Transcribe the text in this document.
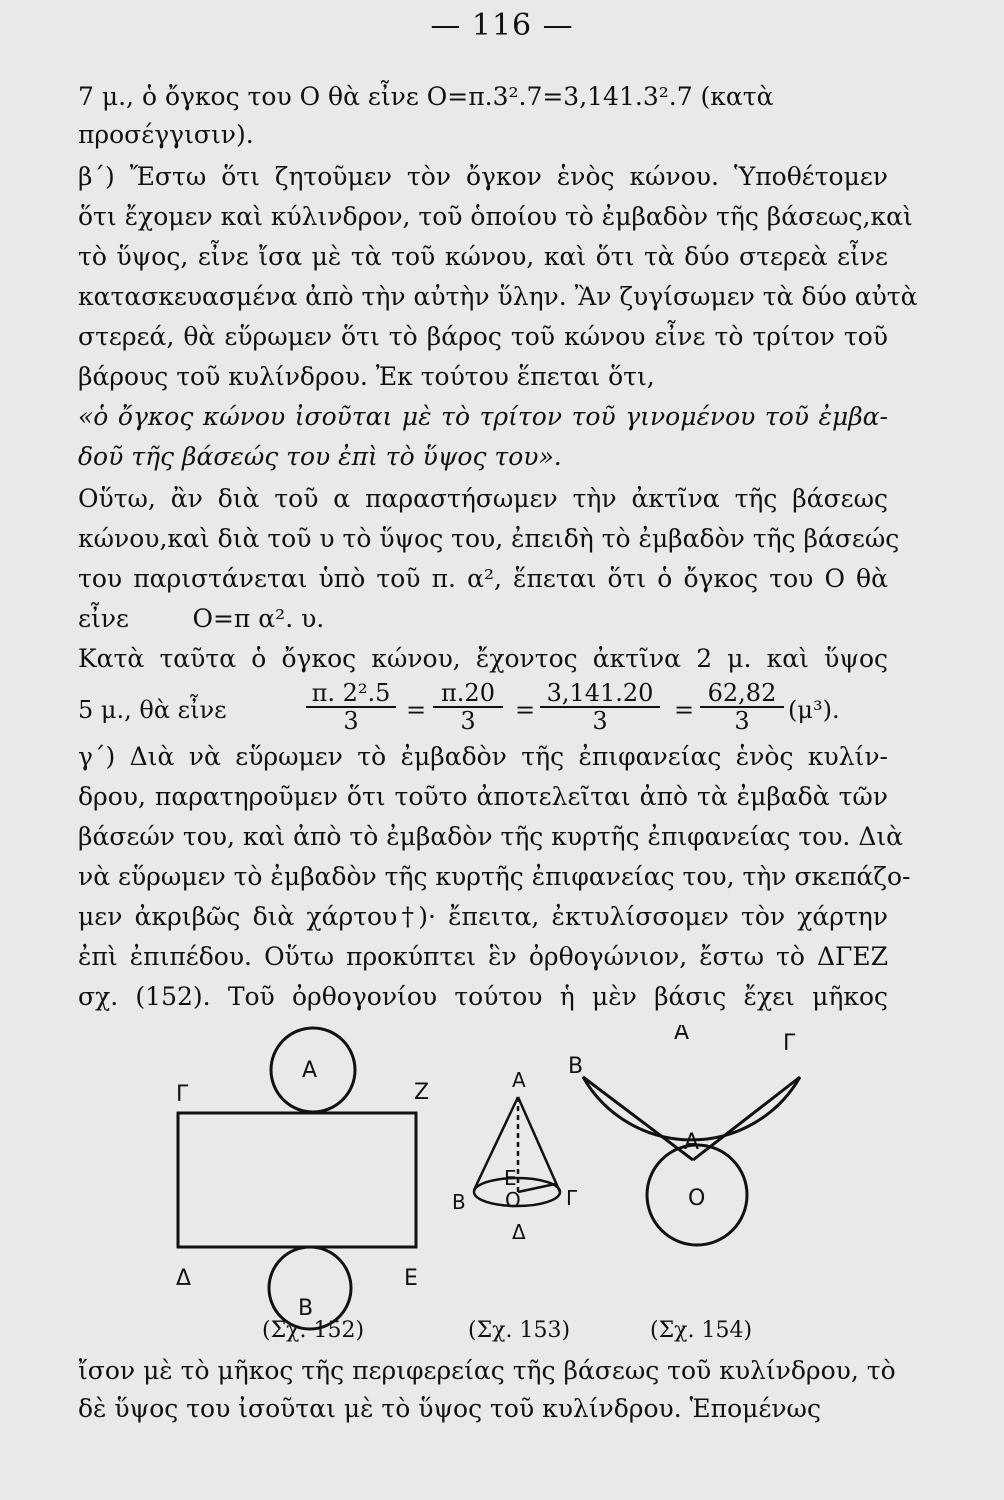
— 116 —
7 μ., ὁ ὄγκος του Ο θὰ εἶνε Ο=π.3².7=3,141.3².7 (κατὰ
προσέγγισιν).
β΄) Ἔστω ὅτι ζητοῦμεν τὸν ὄγκον ἑνὸς κώνου. Ὑποθέτομεν
ὅτι ἔχομεν καὶ κύλινδρον, τοῦ ὁποίου τὸ ἐμβαδὸν τῆς βάσεως,καὶ
τὸ ὕψος, εἶνε ἴσα μὲ τὰ τοῦ κώνου, καὶ ὅτι τὰ δύο στερεὰ εἶνε
κατασκευασμένα ἀπὸ τὴν αὐτὴν ὕλην. Ἂν ζυγίσωμεν τὰ δύο αὐτὰ
στερεά, θὰ εὕρωμεν ὅτι τὸ βάρος τοῦ κώνου εἶνε τὸ τρίτον τοῦ
βάρους τοῦ κυλίνδρου. Ἐκ τούτου ἕπεται ὅτι,
«ὁ ὄγκος κώνου ἰσοῦται μὲ τὸ τρίτον τοῦ γινομένου τοῦ ἐμβα-
δοῦ τῆς βάσεώς του ἐπὶ τὸ ὕψος του».
Οὕτω, ἂν διὰ τοῦ α παραστήσωμεν τὴν ἀκτῖνα τῆς βάσεως
κώνου,καὶ διὰ τοῦ υ τὸ ὕψος του, ἐπειδὴ τὸ ἐμβαδὸν τῆς βάσεώς
του παριστάνεται ὑπὸ τοῦ π. α², ἕπεται ὅτι ὁ ὄγκος του Ο θὰ
εἶνε        Ο=π α². υ.
Κατὰ ταῦτα ὁ ὄγκος κώνου, ἔχοντος ἀκτῖνα 2 μ. καὶ ὕψος
5 μ., θὰ εἶνε	$\frac{\text{π. 2².5}}{3} = \frac{\pi.20}{3} = \frac{3,141.20}{3} = \frac{62,82}{3} (\mu^3)$.
γ΄) Διὰ νὰ εὕρωμεν τὸ ἐμβαδὸν τῆς ἐπιφανείας ἑνὸς κυλίν-
δρου, παρατηροῦμεν ὅτι τοῦτο ἀποτελεῖται ἀπὸ τὰ ἐμβαδὰ τῶν
βάσεών του, καὶ ἀπὸ τὸ ἐμβαδὸν τῆς κυρτῆς ἐπιφανείας του. Διὰ
νὰ εὕρωμεν τὸ ἐμβαδὸν τῆς κυρτῆς ἐπιφανείας του, τὴν σκεπάζο-
μεν ἀκριβῶς διὰ χάρτου†)· ἔπειτα, ἐκτυλίσσομεν τὸν χάρτην
ἐπὶ ἐπιπέδου. Οὕτω προκύπτει ἓν ὀρθογώνιον, ἔστω τὸ ΔΓΕΖ
σχ. (152). Τοῦ ὀρθογονίου τούτου ἡ μὲν βάσις ἔχει μῆκος
A
Γ	Z
Δ	E
B
A
B	Γ
Δ
E
O
A	Γ
B
A
O
(Σχ. 152)	(Σχ. 153)	(Σχ. 154)
ἴσον μὲ τὸ μῆκος τῆς περιφερείας τῆς βάσεως τοῦ κυλίνδρου, τὸ
δὲ ὕψος του ἰσοῦται μὲ τὸ ὕψος τοῦ κυλίνδρου. Ἑπομένως
